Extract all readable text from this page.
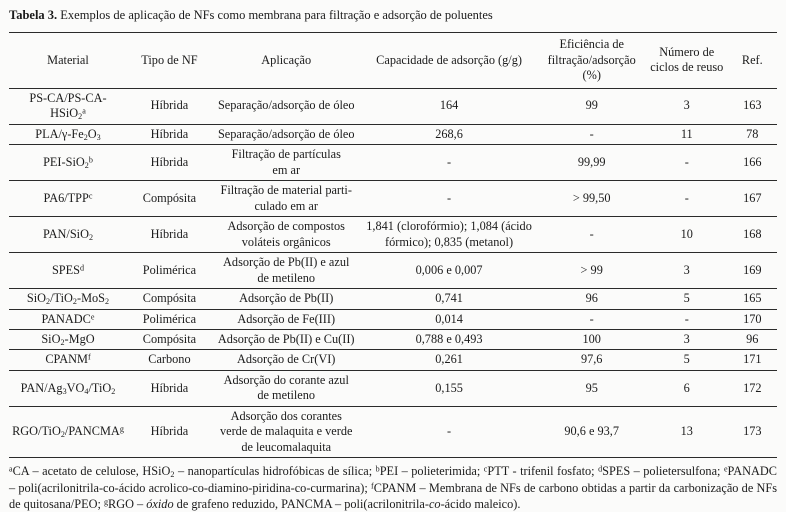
Tabela 3. Exemplos de aplicação de NFs como membrana para filtração e adsorção de poluentes
Material	Tipo de NF	Aplicação	Capacidade de adsorção (g/g)	Eficiência de
filtração/adsorção (%)	Número de
ciclos de reuso	Ref.
PS-CA/PS-CA-HSiO$_2^a$	Híbrida	Separação/adsorção de óleo	164	99	3	163
PLA/$\gamma-Fe_2O_3$	Híbrida	Separação/adsorção de óleo	268,6	-	11	78
PEI-SiO$_2^b$	Híbrida	Filtração de partículas
em ar	-	99,99	-	166
PA6/TPP$^c$	Compósita	Filtração de material parti-
culado em ar	-	> 99,50	-	167
PAN/SiO$_2$	Híbrida	Adsorção de compostos
voláteis orgânicos	1,841 (clorofórmio); 1,084 (ácido
fórmico); 0,835 (metanol)	-	10	168
SPES$^d$	Polimérica	Adsorção de Pb(II) e azul
de metileno	0,006 e 0,007	> 99	3	169
SiO$_2$/TiO$_2$-MoS$_2$	Compósita	Adsorção de Pb(II)	0,741	96	5	165
PANADC$^e$	Polimérica	Adsorção de Fe(III)	0,014	-	-	170
SiO$_2$-MgO	Compósita	Adsorção de Pb(II) e Cu(II)	0,788 e 0,493	100	3	96
CPANM$^f$	Carbono	Adsorção de Cr(VI)	0,261	97,6	5	171
PAN/$Ag_3VO_4/TiO_2$	Híbrida	Adsorção do corante azul
de metileno	0,155	95	6	172
RGO/$TiO_2/PANCMA^g$	Híbrida	Adsorção dos corantes
verde de malaquita e verde
de leucomalaquita	-	90,6 e 93,7	13	173
$^a$CA – acetato de celulose, HSiO$_2$ – nanopartículas hidrofóbicas de sílica; $^b$PEI – polieterimida; $^c$PTT - trifenil fosfato; $^d$SPES – polietersulfona; $^e$PANADC – poli(acrilonitrila-co-ácido acrolico-co-diamino-piridina-co-curmarina); $^f$CPANM – Membrana de NFs de carbono obtidas a partir da carbonização de NFs de quitosana/PEO; $^g$RGO – óxido de grafeno reduzido, PANCMA – poli(acrilonitrila-co-ácido maleico).
